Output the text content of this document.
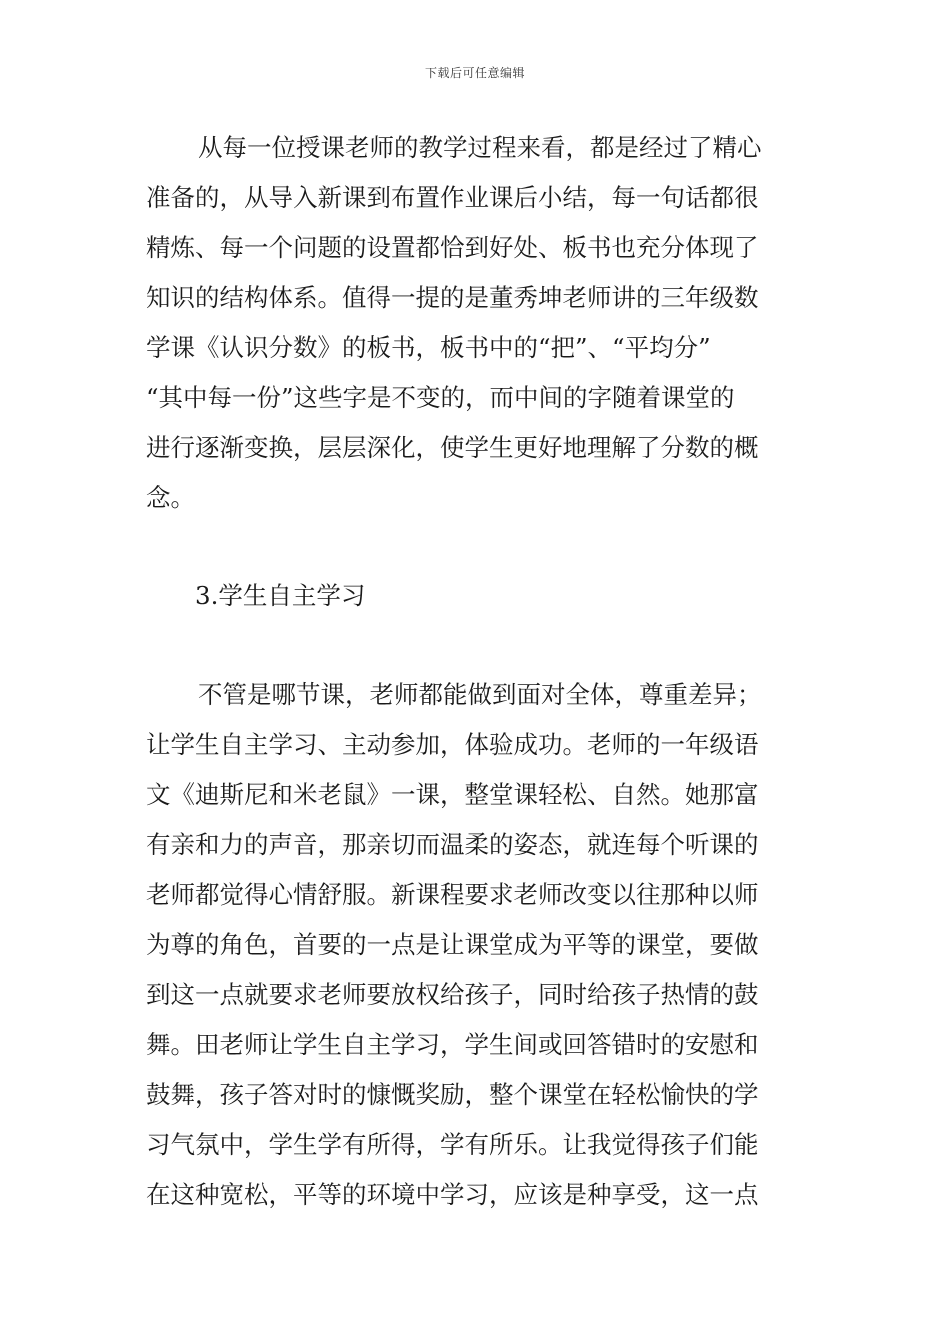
下载后可任意编辑
从每一位授课老师的教学过程来看，都是经过了精心
准备的，从导入新课到布置作业课后小结，每一句话都很
精炼、每一个问题的设置都恰到好处、板书也充分体现了
知识的结构体系。值得一提的是董秀坤老师讲的三年级数
学课《认识分数》的板书，板书中的“把”、“平均分”
“其中每一份”这些字是不变的，而中间的字随着课堂的
进行逐渐变换，层层深化，使学生更好地理解了分数的概
念。
3.学生自主学习
不管是哪节课，老师都能做到面对全体，尊重差异；
让学生自主学习、主动参加，体验成功。老师的一年级语
文《迪斯尼和米老鼠》一课，整堂课轻松、自然。她那富
有亲和力的声音，那亲切而温柔的姿态，就连每个听课的
老师都觉得心情舒服。新课程要求老师改变以往那种以师
为尊的角色，首要的一点是让课堂成为平等的课堂，要做
到这一点就要求老师要放权给孩子，同时给孩子热情的鼓
舞。田老师让学生自主学习，学生间或回答错时的安慰和
鼓舞，孩子答对时的慷慨奖励，整个课堂在轻松愉快的学
习气氛中，学生学有所得，学有所乐。让我觉得孩子们能
在这种宽松，平等的环境中学习，应该是种享受，这一点
